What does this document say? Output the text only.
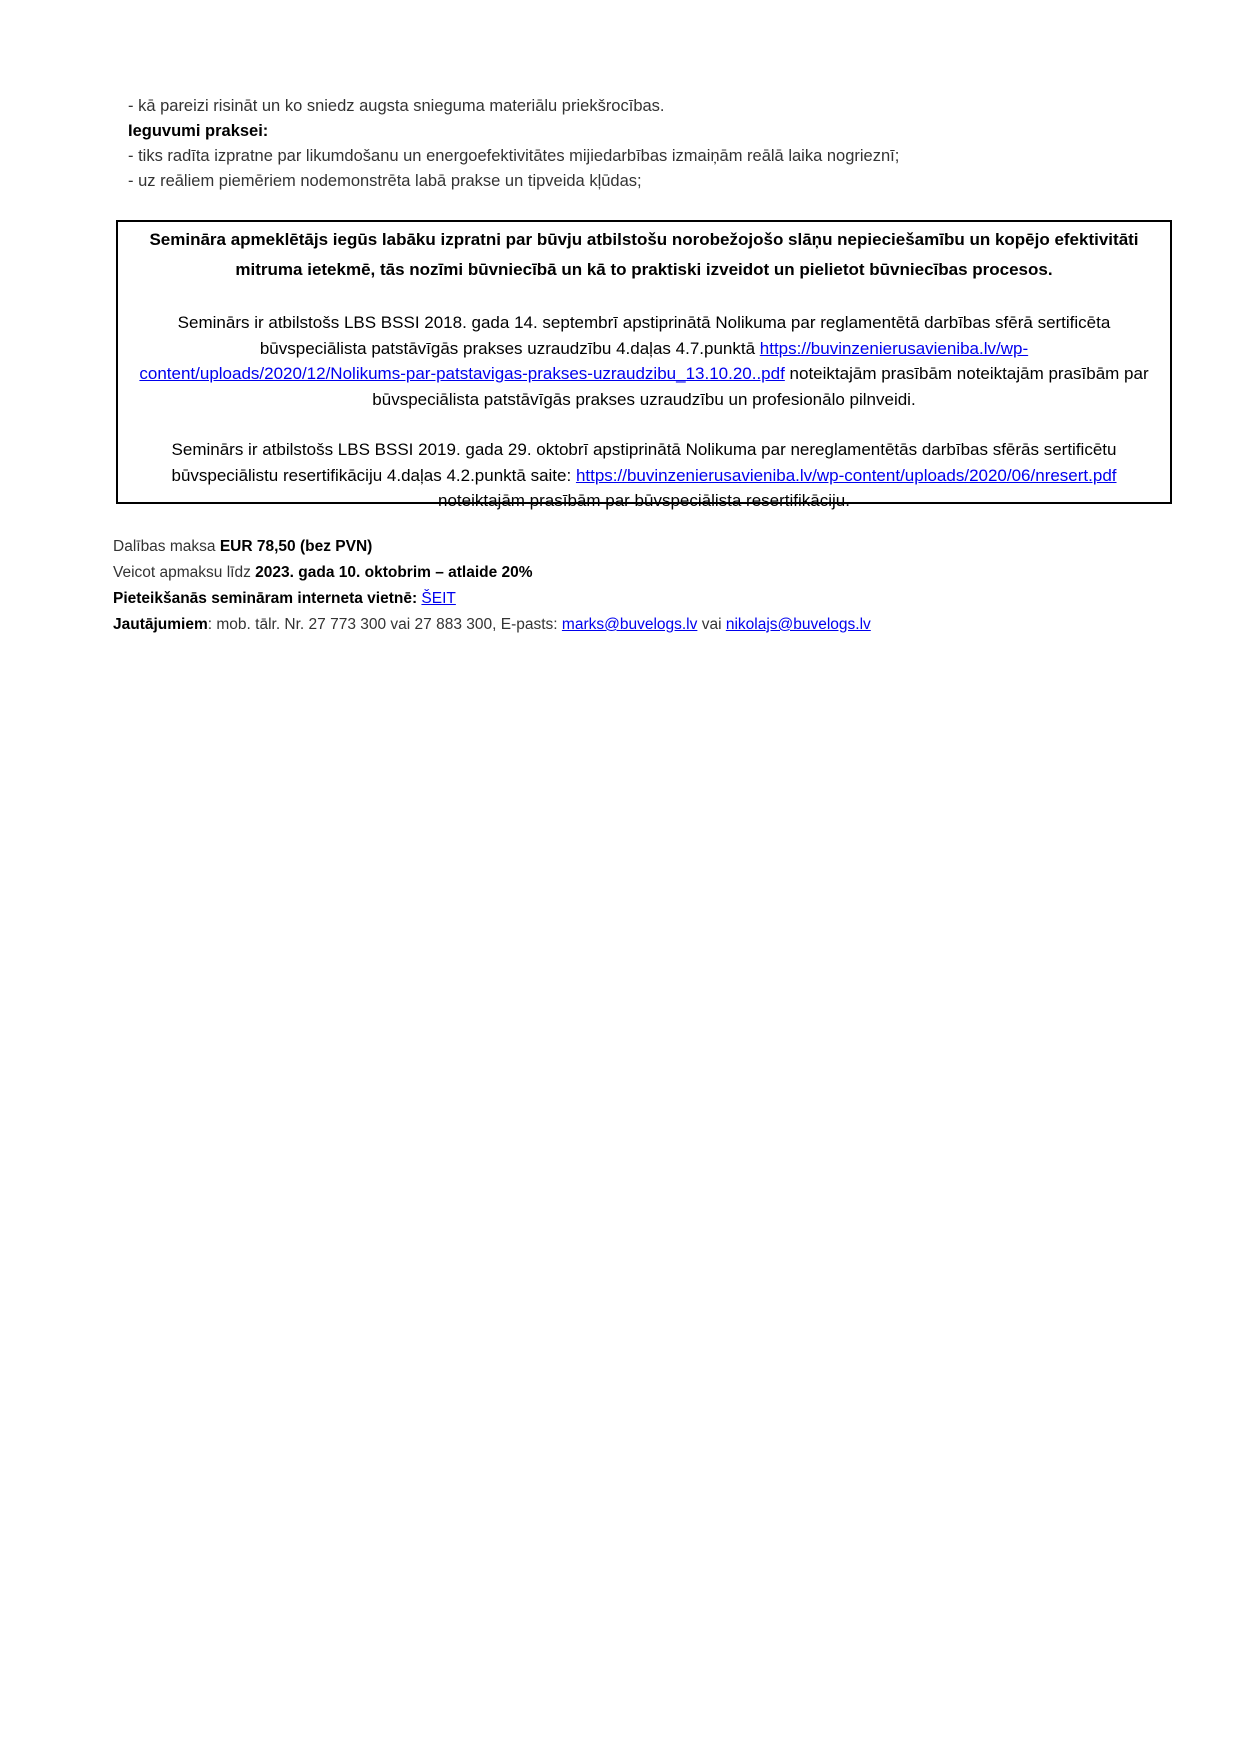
- kā pareizi risināt un ko sniedz augsta snieguma materiālu priekšrocības.
Ieguvumi praksei:
- tiks radīta izpratne par likumdošanu un energoefektivitātes mijiedarbības izmaiņām reālā laika nogrieznī;
- uz reāliem piemēriem nodemonstrēta labā prakse un tipveida kļūdas;

Semināra apmeklētājs iegūs labāku izpratni par būvju atbilstošu norobežojošo slāņu nepieciešamību un kopējo efektivitāti mitruma ietekmē, tās nozīmi būvniecībā un kā to praktiski izveidot un pielietot būvniecības procesos.

Seminārs ir atbilstošs LBS BSSI 2018. gada 14. septembrī apstiprinātā Nolikuma par reglamentētā darbības sfērā sertificēta būvspeciālista patstāvīgās prakses uzraudzību 4.daļas 4.7.punktā https://buvinzenierusavieniba.lv/wp-content/uploads/2020/12/Nolikums-par-patstavigas-prakses-uzraudzibu_13.10.20..pdf noteiktajām prasībām noteiktajām prasībām par būvspeciālista patstāvīgās prakses uzraudzību un profesionālo pilnveidi.

Seminārs ir atbilstošs LBS BSSI 2019. gada 29. oktobrī apstiprinātā Nolikuma par nereglamentētās darbības sfērās sertificētu būvspeciālistu resertifikāciju 4.daļas 4.2.punktā saite: https://buvinzenierusavieniba.lv/wp-content/uploads/2020/06/nresert.pdf noteiktajām prasībām par būvspeciālista resertifikāciju.

Dalības maksa EUR 78,50 (bez PVN)
Veicot apmaksu līdz 2023. gada 10. oktobrim – atlaide 20%
Pieteikšanās semināram interneta vietnē: ŠEIT
Jautājumiem: mob. tālr. Nr. 27 773 300 vai 27 883 300, E-pasts: marks@buvelogs.lv vai nikolajs@buvelogs.lv
